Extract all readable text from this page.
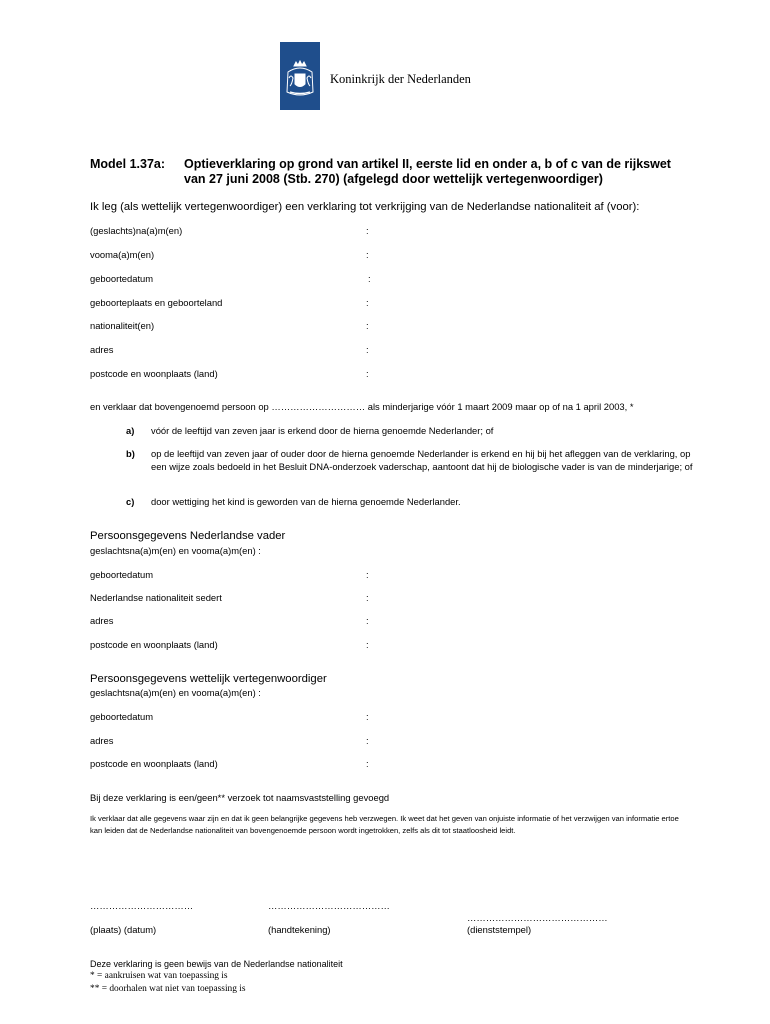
Koninkrijk der Nederlanden
Model 1.37a: Optieverklaring op grond van artikel II, eerste lid en onder a, b of c van de rijkswet van 27 juni 2008 (Stb. 270) (afgelegd door wettelijk vertegenwoordiger)
Ik leg (als wettelijk vertegenwoordiger) een verklaring tot verkrijging van de Nederlandse nationaliteit af (voor):
(geslachts)na(a)m(en)	:
vooma(a)m(en)	:
geboortedatum	:
geboorteplaats en geboorteland	:
nationaliteit(en)	:
adres	:
postcode en woonplaats (land)	:
en verklaar dat bovengenoemd persoon op ………………………… als minderjarige vóór 1 maart 2009 maar op of na 1 april 2003, *
a) vóór de leeftijd van zeven jaar is erkend door de hierna genoemde Nederlander; of
b) op de leeftijd van zeven jaar of ouder door de hierna genoemde Nederlander is erkend en hij bij het afleggen van de verklaring, op een wijze zoals bedoeld in het Besluit DNA-onderzoek vaderschap, aantoont dat hij de biologische vader is van de minderjarige; of
c) door wettiging het kind is geworden van de hierna genoemde Nederlander.
Persoonsgegevens Nederlandse vader
geslachtsna(a)m(en) en vooma(a)m(en) :
geboortedatum	:
Nederlandse nationaliteit sedert	:
adres	:
postcode en woonplaats (land)	:
Persoonsgegevens wettelijk vertegenwoordiger
geslachtsna(a)m(en) en vooma(a)m(en) :
geboortedatum	:
adres	:
postcode en woonplaats (land)	:
Bij deze verklaring is een/geen** verzoek tot naamsvaststelling gevoegd
Ik verklaar dat alle gegevens waar zijn en dat ik geen belangrijke gegevens heb verzwegen. Ik weet dat het geven van onjuiste informatie of het verzwijgen van informatie ertoe kan leiden dat de Nederlandse nationaliteit van bovengenoemde persoon wordt ingetrokken, zelfs als dit tot staatloosheid leidt.
……………………………
(plaats) (datum)
…………………………………
(handtekening)
………………………………………
(dienststempel)
Deze verklaring is geen bewijs van de Nederlandse nationaliteit
* = aankruisen wat van toepassing is
** = doorhalen wat niet van toepassing is
